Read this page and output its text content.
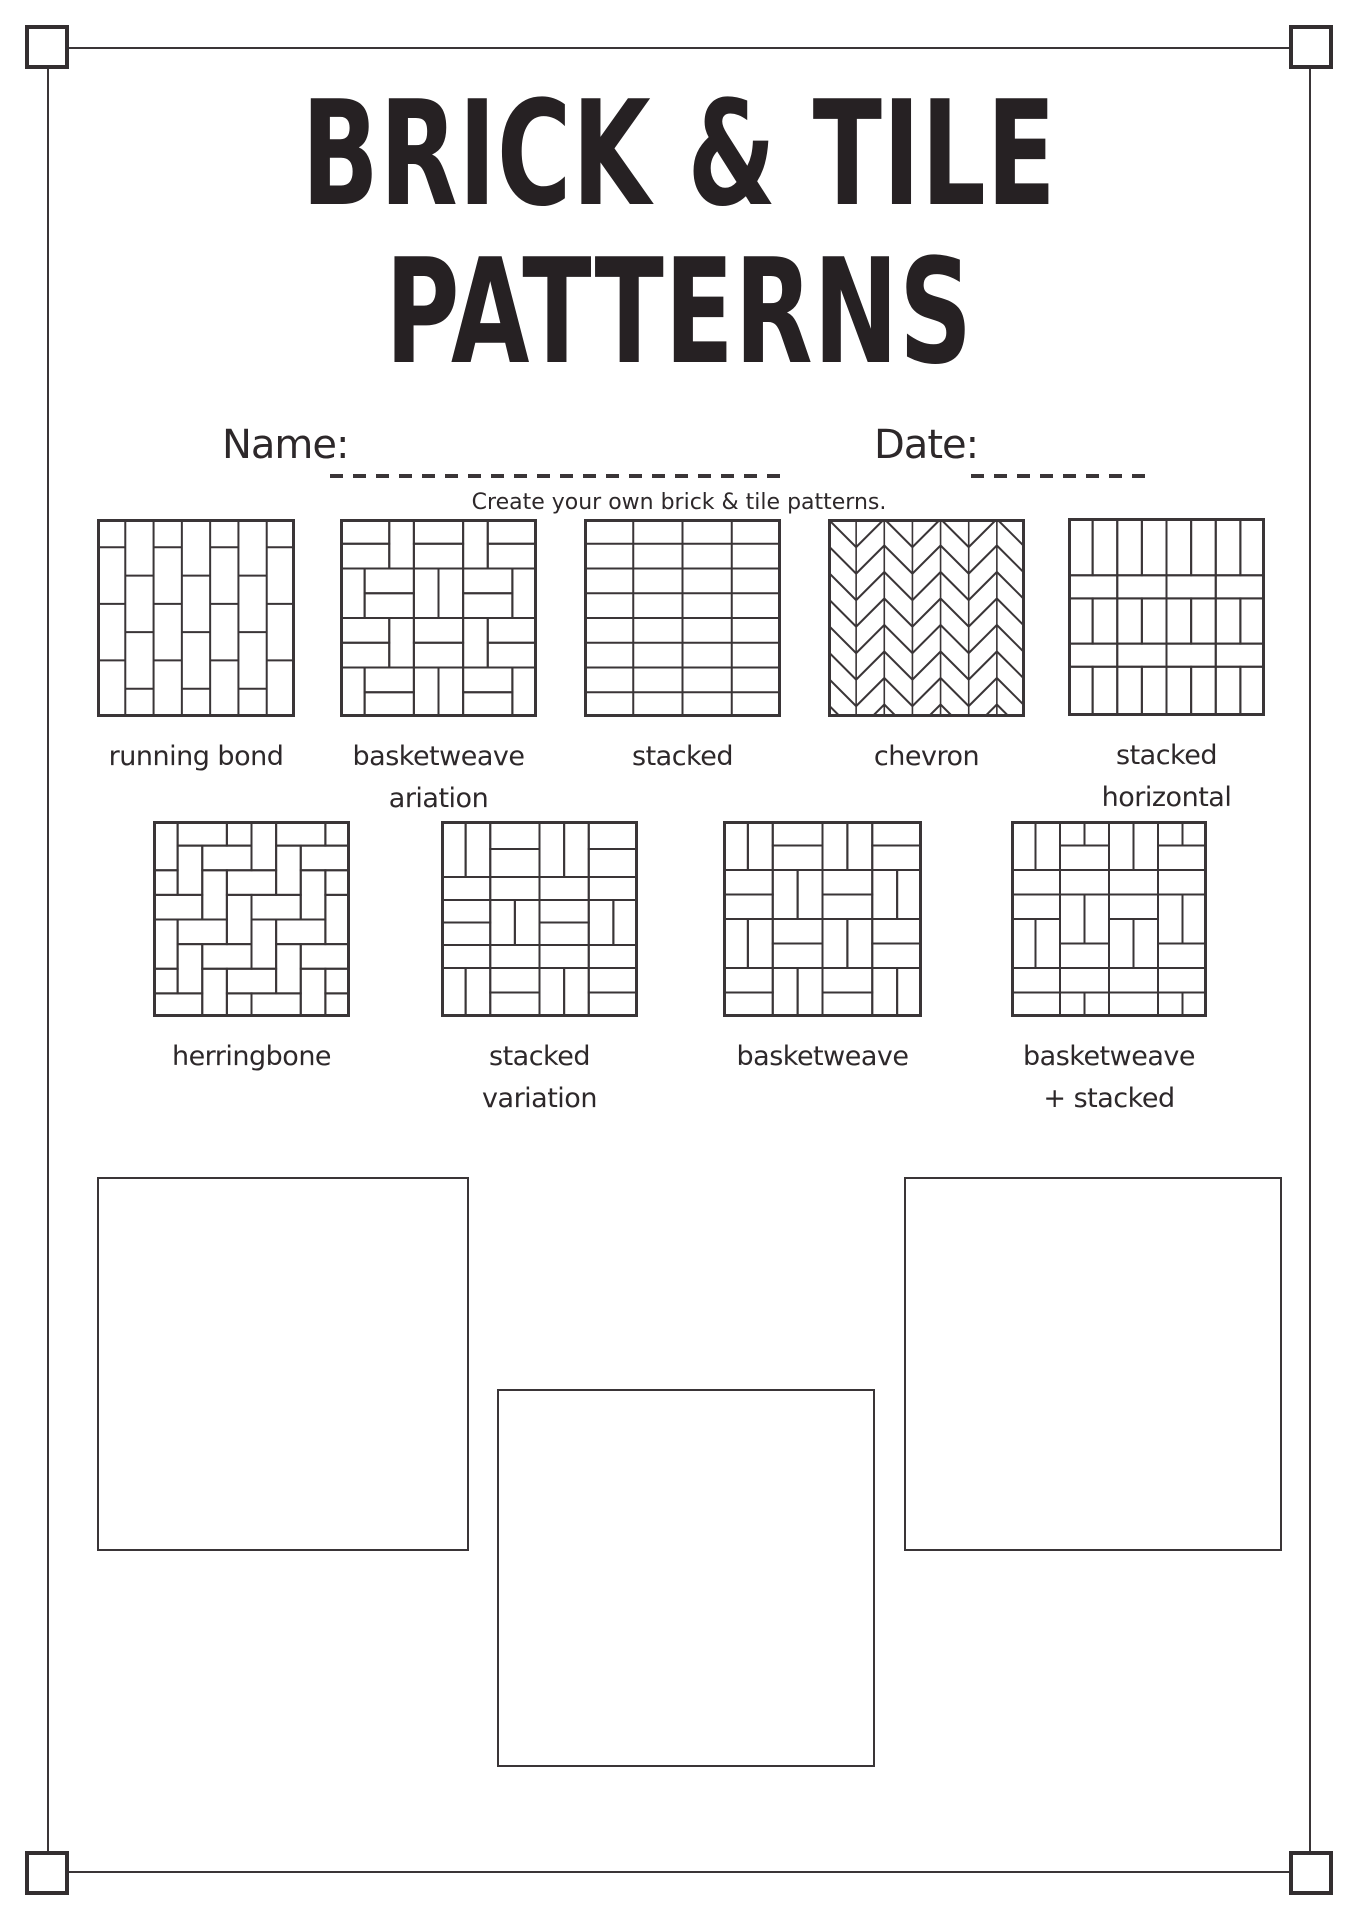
BRICK & TILE
PATTERNS
Name:	Date:
Create your own brick & tile patterns.
running bond	basketweave
ariation
stacked	chevron	stacked
horizontal
herringbone	stacked
variation
basketweave	basketweave
+ stacked
